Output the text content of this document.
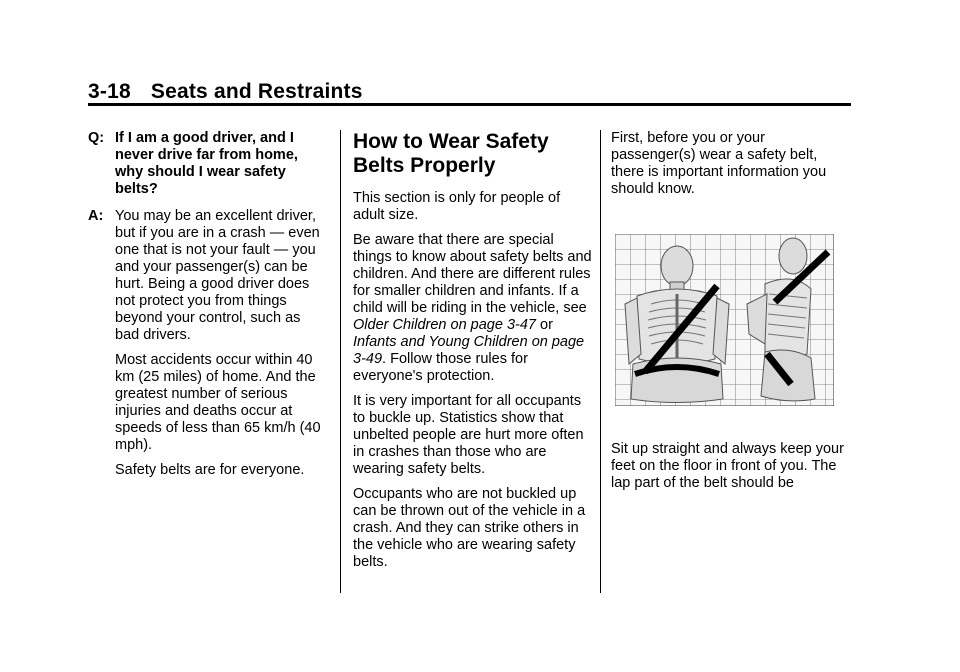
3-18 Seats and Restraints
Q: If I am a good driver, and I never drive far from home, why should I wear safety belts?
A: You may be an excellent driver, but if you are in a crash — even one that is not your fault — you and your passenger(s) can be hurt. Being a good driver does not protect you from things beyond your control, such as bad drivers.
Most accidents occur within 40 km (25 miles) of home. And the greatest number of serious injuries and deaths occur at speeds of less than 65 km/h (40 mph).
Safety belts are for everyone.
How to Wear Safety Belts Properly

This section is only for people of adult size.

Be aware that there are special things to know about safety belts and children. And there are different rules for smaller children and infants. If a child will be riding in the vehicle, see Older Children on page 3-47 or Infants and Young Children on page 3-49. Follow those rules for everyone's protection.

It is very important for all occupants to buckle up. Statistics show that unbelted people are hurt more often in crashes than those who are wearing safety belts.

Occupants who are not buckled up can be thrown out of the vehicle in a crash. And they can strike others in the vehicle who are wearing safety belts.

First, before you or your passenger(s) wear a safety belt, there is important information you should know.

Sit up straight and always keep your feet on the floor in front of you. The lap part of the belt should be
